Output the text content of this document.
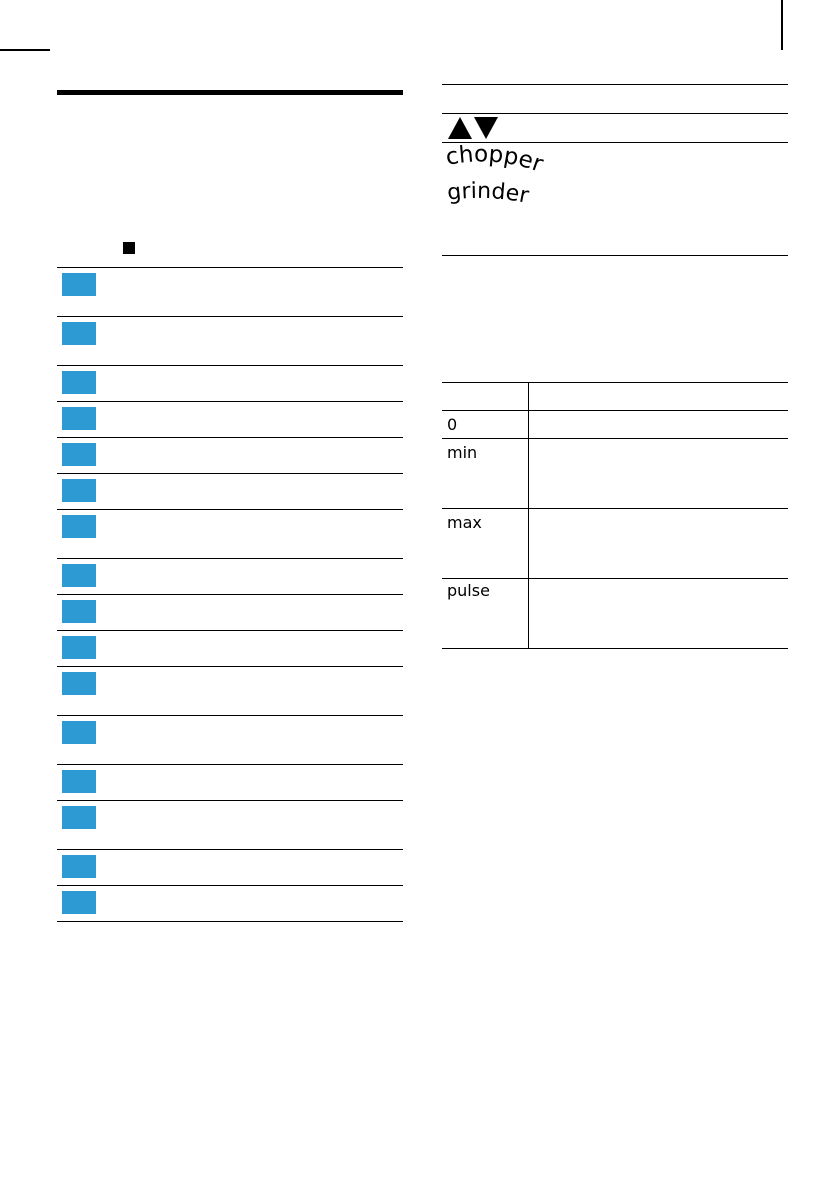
chopper
grinder
0
min
max
pulse
